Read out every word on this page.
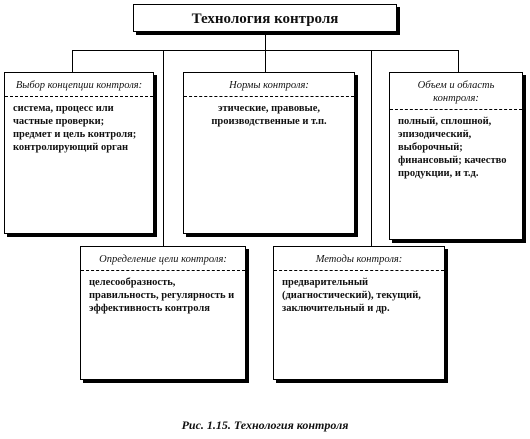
Технология контроля
Выбор концепции контроля:
система, процесс или частные проверки; предмет и цель контроля; контролирующий орган
Нормы контроля:
этические, правовые, производственные и т.п.
Объем и область контроля:
полный, сплошной, эпизодический, выборочный; финансовый; качество продукции, и т.д.
Определение цели контроля:
целесообразность, правильность, регулярность и эффективность контроля
Методы контроля:
предварительный (диагностический), текущий, заключительный и др.
Рис. 1.15. Технология контроля
